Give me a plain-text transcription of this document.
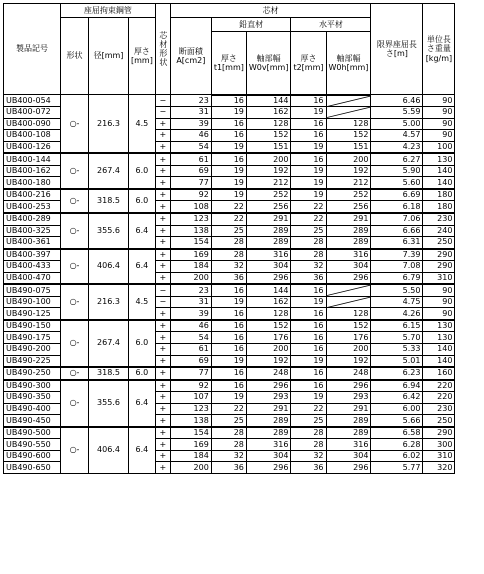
製品記号	座屈拘束鋼管			芯材形状	芯材					限界座屈長さ[m]	単位長さ重量[kg/m]
	形状	径[mm]	厚さ[mm]		断面積A[cm2]	鉛直材		水平材			
						厚さt1[mm]	軸部幅W0v[mm]	厚さt2[mm]	軸部幅W0h[mm]		
UB400-054	○-	216.3	4.5	−	23	16	144	16		6.46	90
UB400-072				−	31	19	162	19		5.59	90
UB400-090				+	39	16	128	16	128	5.00	90
UB400-108				+	46	16	152	16	152	4.57	90
UB400-126				+	54	19	151	19	151	4.23	100
UB400-144	○-	267.4	6.0	+	61	16	200	16	200	6.27	130
UB400-162				+	69	19	192	19	192	5.90	140
UB400-180				+	77	19	212	19	212	5.60	140
UB400-216	○-	318.5	6.0	+	92	19	252	19	252	6.69	180
UB400-253				+	108	22	256	22	256	6.18	180
UB400-289	○-	355.6	6.4	+	123	22	291	22	291	7.06	230
UB400-325				+	138	25	289	25	289	6.66	240
UB400-361				+	154	28	289	28	289	6.31	250
UB400-397	○-	406.4	6.4	+	169	28	316	28	316	7.39	290
UB400-433				+	184	32	304	32	304	7.08	290
UB400-470				+	200	36	296	36	296	6.79	310
UB490-075	○-	216.3	4.5	−	23	16	144	16		5.50	90
UB490-100				−	31	19	162	19		4.75	90
UB490-125				+	39	16	128	16	128	4.26	90
UB490-150	○-	267.4	6.0	+	46	16	152	16	152	6.15	130
UB490-175				+	54	16	176	16	176	5.70	130
UB490-200				+	61	16	200	16	200	5.33	140
UB490-225				+	69	19	192	19	192	5.01	140
UB490-250	○-	318.5	6.0	+	77	16	248	16	248	6.23	160
UB490-300	○-	355.6	6.4	+	92	16	296	16	296	6.94	220
UB490-350				+	107	19	293	19	293	6.42	220
UB490-400				+	123	22	291	22	291	6.00	230
UB490-450				+	138	25	289	25	289	5.66	250
UB490-500	○-	406.4	6.4	+	154	28	289	28	289	6.58	290
UB490-550				+	169	28	316	28	316	6.28	300
UB490-600				+	184	32	304	32	304	6.02	310
UB490-650				+	200	36	296	36	296	5.77	320
